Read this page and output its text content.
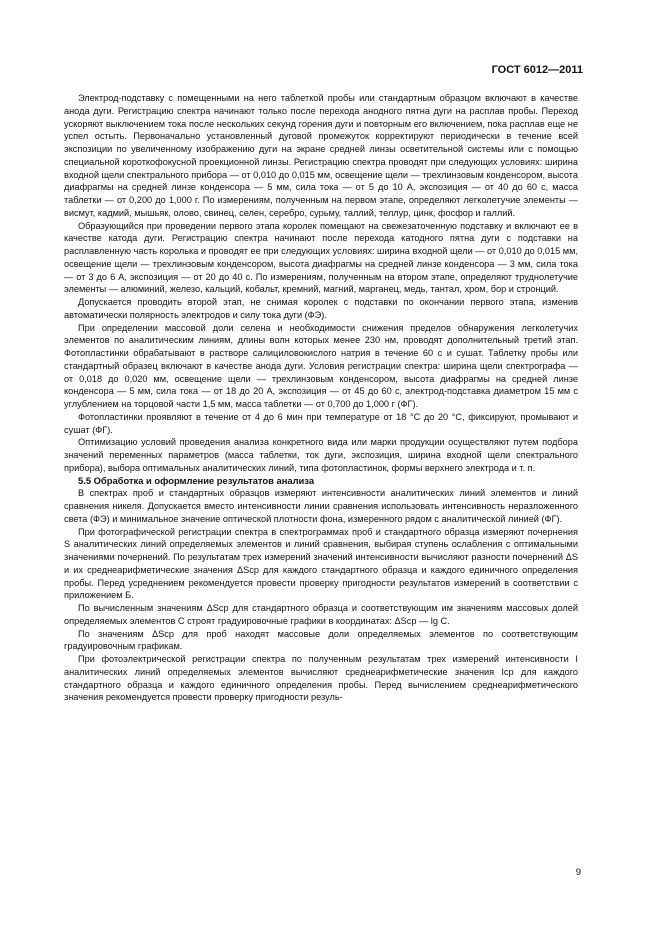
ГОСТ 6012—2011

Электрод-подставку с помещенными на него таблеткой пробы или стандартным образцом включают в качестве анода дуги. Регистрацию спектра начинают только после перехода анодного пятна дуги на расплав пробы. Переход ускоряют выключением тока после нескольких секунд горения дуги и повторным его включением, пока расплав еще не успел остыть. Первоначально установленный дуговой промежуток корректируют периодически в течение всей экспозиции по увеличенному изображению дуги на экране средней линзы осветительной системы или с помощью специальной короткофокусной проекционной линзы. Регистрацию спектра проводят при следующих условиях: ширина входной щели спектрального прибора — от 0,010 до 0,015 мм, освещение щели — трехлинзовым конденсором, высота диафрагмы на средней линзе конденсора — 5 мм, сила тока — от 5 до 10 А, экспозиция — от 40 до 60 с, масса таблетки — от 0,200 до 1,000 г. По измерениям, полученным на первом этапе, определяют легколетучие элементы — висмут, кадмий, мышьяк, олово, свинец, селен, серебро, сурьму, таллий, теллур, цинк, фосфор и галлий.

Образующийся при проведении первого этапа королек помещают на свежезаточенную подставку и включают ее в качестве катода дуги. Регистрацию спектра начинают после перехода катодного пятна дуги с подставки на расплавленную часть королька и проводят ее при следующих условиях: ширина входной щели — от 0,010 до 0,015 мм, освещение щели — трехлинзовым конденсором, высота диафрагмы на средней линзе конденсора — 3 мм, сила тока — от 3 до 6 А, экспозиция — от 20 до 40 с. По измерениям, полученным на втором этапе, определяют труднолетучие элементы — алюминий, железо, кальций, кобальт, кремний, магний, марганец, медь, тантал, хром, бор и стронций.

Допускается проводить второй этап, не снимая королек с подставки по окончании первого этапа, изменив автоматически полярность электродов и силу тока дуги (ФЭ).

При определении массовой доли селена и необходимости снижения пределов обнаружения легколетучих элементов по аналитическим линиям, длины волн которых менее 230 нм, проводят дополнительный третий этап. Фотопластинки обрабатывают в растворе салициловокислого натрия в течение 60 с и сушат. Таблетку пробы или стандартный образец включают в качестве анода дуги. Условия регистрации спектра: ширина щели спектрографа — от 0,018 до 0,020 мм, освещение щели — трехлинзовым конденсором, высота диафрагмы на средней линзе конденсора — 5 мм, сила тока — от 18 до 20 А, экспозиция — от 45 до 60 с, электрод-подставка диаметром 15 мм с углублением на торцовой части 1,5 мм, масса таблетки — от 0,700 до 1,000 г (ФГ).

Фотопластинки проявляют в течение от 4 до 6 мин при температуре от 18 °С до 20 °С, фиксируют, промывают и сушат (ФГ).

Оптимизацию условий проведения анализа конкретного вида или марки продукции осуществляют путем подбора значений переменных параметров (масса таблетки, ток дуги, экспозиция, ширина входной щели спектрального прибора), выбора оптимальных аналитических линий, типа фотопластинок, формы верхнего электрода и т. п.

5.5 Обработка и оформление результатов анализа

В спектрах проб и стандартных образцов измеряют интенсивности аналитических линий элементов и линий сравнения никеля. Допускается вместо интенсивности линии сравнения использовать интенсивность неразложенного света (ФЭ) и минимальное значение оптической плотности фона, измеренного рядом с аналитической линией (ФГ).

При фотографической регистрации спектра в спектрограммах проб и стандартного образца измеряют почернения S аналитических линий определяемых элементов и линий сравнения, выбирая ступень ослабления с оптимальными значениями почернений. По результатам трех измерений значений интенсивности вычисляют разности почернений ΔS и их среднеарифметические значения ΔSср для каждого стандартного образца и каждого единичного определения пробы. Перед усреднением рекомендуется провести проверку пригодности результатов измерений в соответствии с приложением Б.

По вычисленным значениям ΔSср для стандартного образца и соответствующим им значениям массовых долей определяемых элементов С строят градуировочные графики в координатах: ΔSср — lg C.

По значениям ΔSср для проб находят массовые доли определяемых элементов по соответствующим градуировочным графикам.

При фотоэлектрической регистрации спектра по полученным результатам трех измерений интенсивности I аналитических линий определяемых элементов вычисляют среднеарифметические значения Iср для каждого стандартного образца и каждого единичного определения пробы. Перед вычислением среднеарифметического значения рекомендуется провести проверку пригодности резуль-

9
